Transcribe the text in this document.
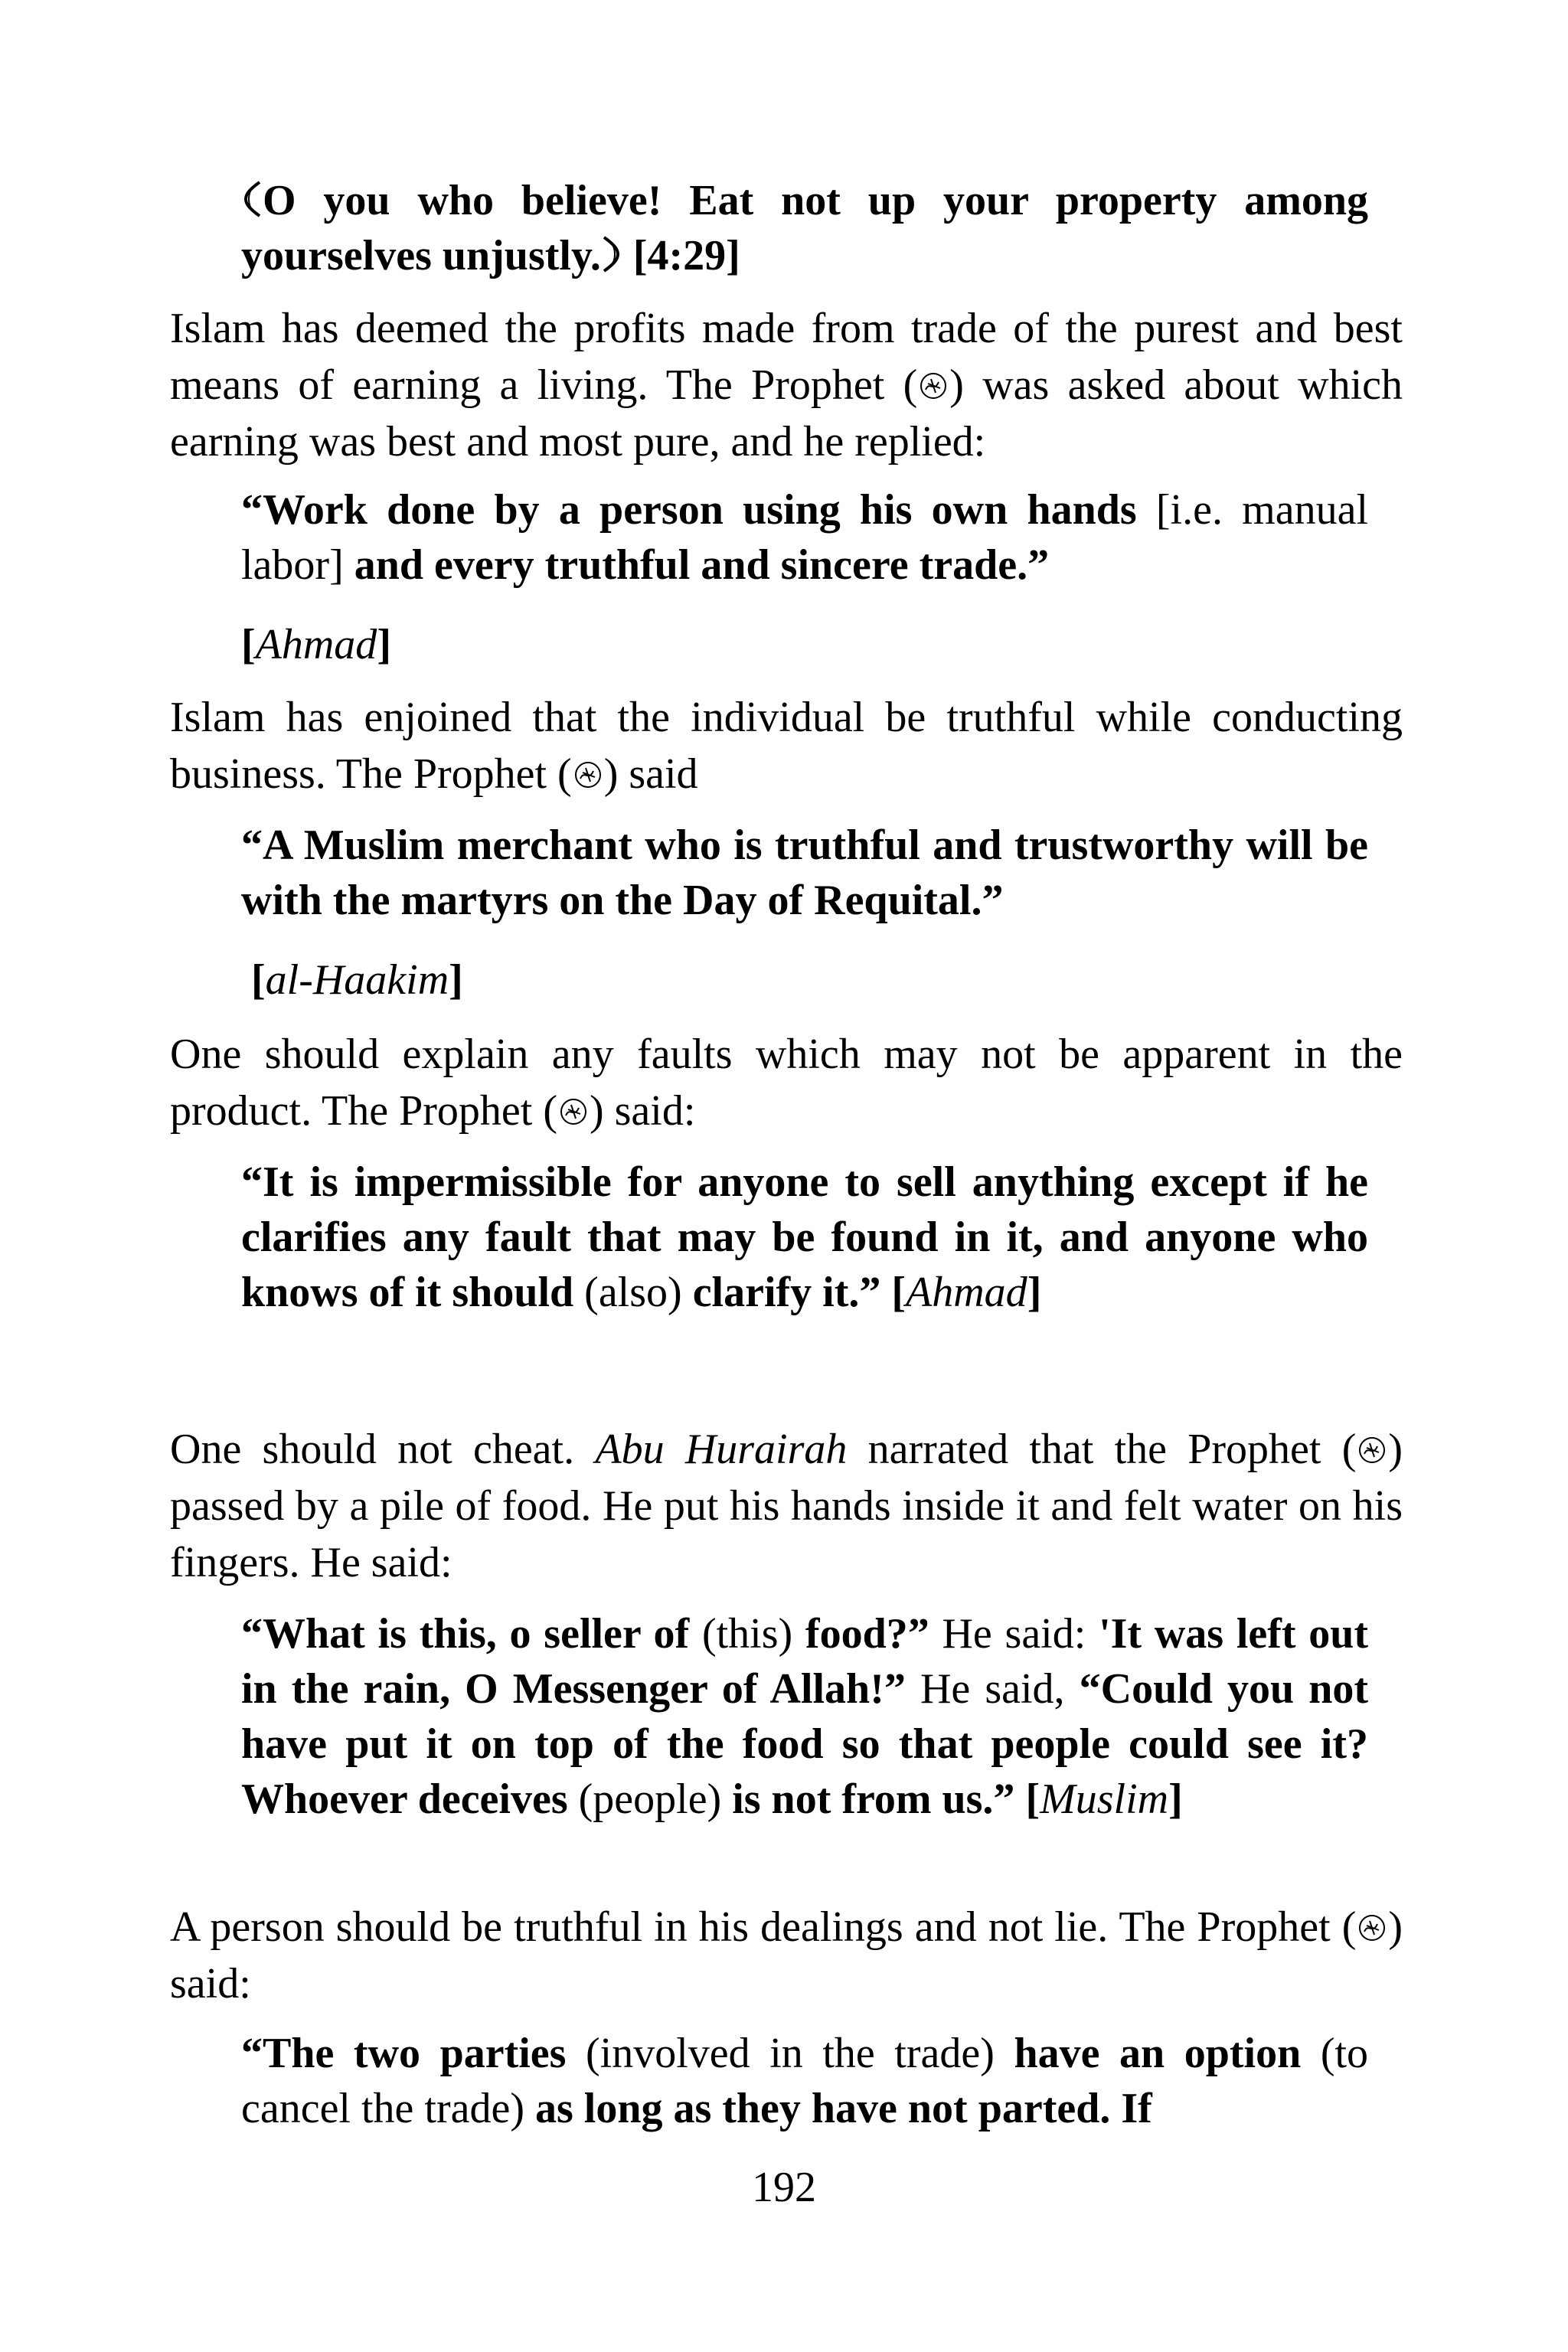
O you who believe! Eat not up your property among
yourselves unjustly. [4:29]
Islam has deemed the profits made from trade of the purest and best means of earning a living. The Prophet ( ) was asked about which earning was best and most pure, and he replied:
“Work done by a person using his own hands [i.e. manual labor] and every truthful and sincere trade.”
[Ahmad]
Islam has enjoined that the individual be truthful while conducting business. The Prophet ( ) said
“A Muslim merchant who is truthful and trustworthy will be with the martyrs on the Day of Requital.”
[al-Haakim]
One should explain any faults which may not be apparent in the product. The Prophet ( ) said:
“It is impermissible for anyone to sell anything except if he clarifies any fault that may be found in it, and anyone who knows of it should (also) clarify it.” [Ahmad]
One should not cheat. Abu Hurairah narrated that the Prophet ( ) passed by a pile of food. He put his hands inside it and felt water on his fingers. He said:
“What is this, o seller of (this) food?” He said: 'It was left out in the rain, O Messenger of Allah!” He said, “Could you not have put it on top of the food so that people could see it? Whoever deceives (people) is not from us.” [Muslim]
A person should be truthful in his dealings and not lie. The Prophet ( ) said:
“The two parties (involved in the trade) have an option (to cancel the trade) as long as they have not parted. If
192
